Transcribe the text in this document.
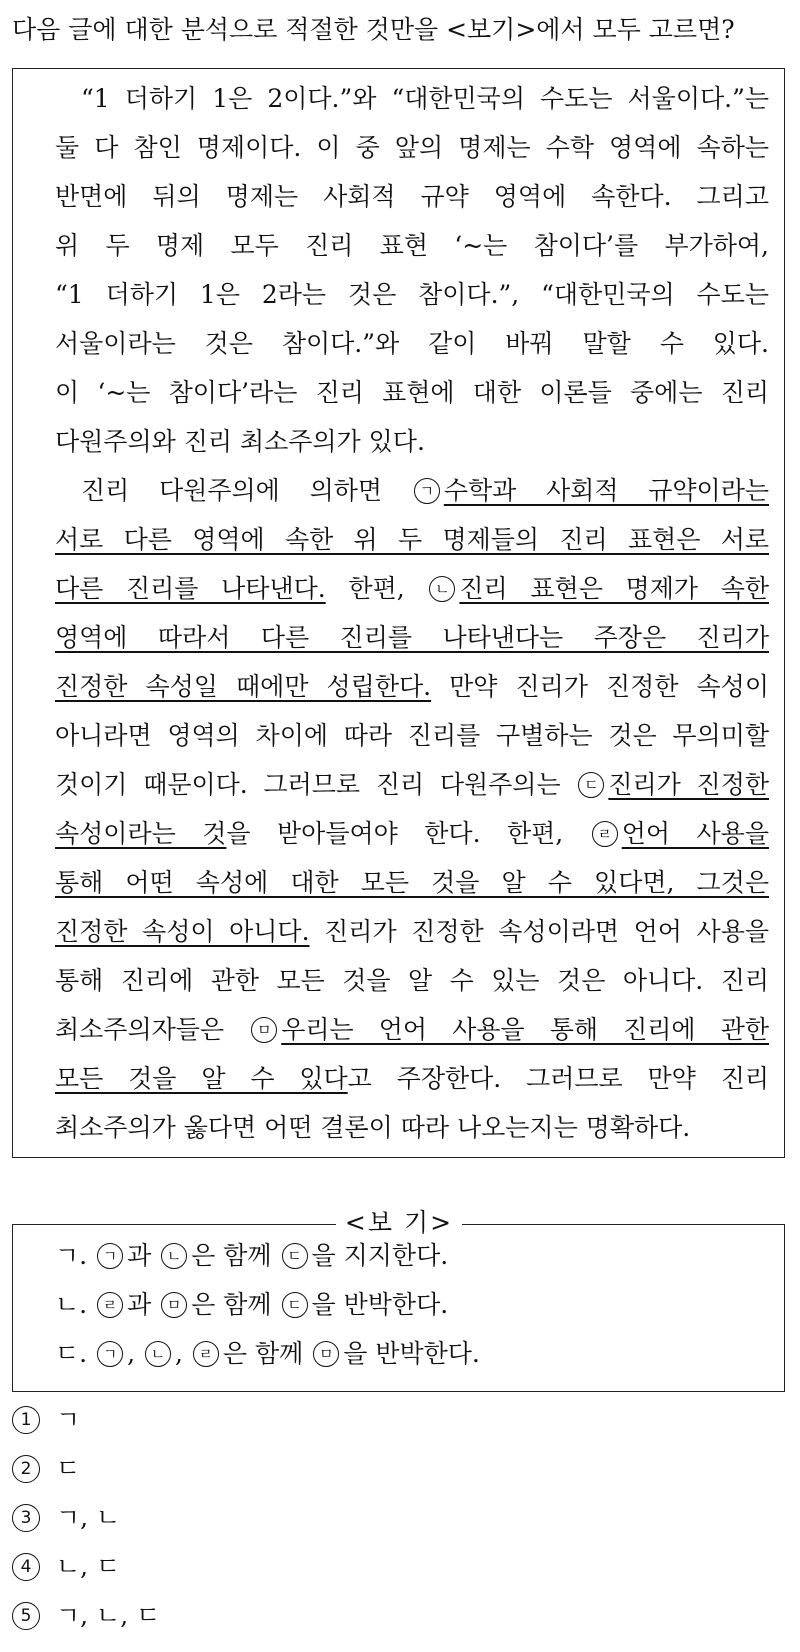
다음 글에 대한 분석으로 적절한 것만을 <보기>에서 모두 고르면?
“1 더하기 1은 2이다.”와 “대한민국의 수도는 서울이다.”는
둘 다 참인 명제이다. 이 중 앞의 명제는 수학 영역에 속하는
반면에 뒤의 명제는 사회적 규약 영역에 속한다. 그리고
위 두 명제 모두 진리 표현 ‘~는 참이다’를 부가하여,
“1 더하기 1은 2라는 것은 참이다.”, “대한민국의 수도는
서울이라는 것은 참이다.”와 같이 바꿔 말할 수 있다.
이 ‘~는 참이다’라는 진리 표현에 대한 이론들 중에는 진리
다원주의와 진리 최소주의가 있다.
진리 다원주의에 의하면	ㄱ 수학과 사회적 규약이라는
서로 다른 영역에 속한 위 두 명제들의 진리 표현은 서로
다른 진리를 나타낸다. 한편, ㄴ 진리 표현은 명제가 속한
영역에 따라서 다른 진리를 나타낸다는 주장은 진리가
진정한 속성일 때에만 성립한다. 만약 진리가 진정한 속성이
아니라면 영역의 차이에 따라 진리를 구별하는 것은 무의미할
것이기 때문이다. 그러므로 진리 다원주의는 ㄷ 진리가 진정한
속성이라는 것을 받아들여야 한다. 한편, ㄹ 언어 사용을
통해 어떤 속성에 대한 모든 것을 알 수 있다면, 그것은
진정한 속성이 아니다. 진리가 진정한 속성이라면 언어 사용을
통해 진리에 관한 모든 것을 알 수 있는 것은 아니다. 진리
최소주의자들은 ㅁ 우리는 언어 사용을 통해 진리에 관한
모든 것을 알 수 있다고 주장한다. 그러므로 만약 진리
최소주의가 옳다면 어떤 결론이 따라 나오는지는 명확하다.
<보 기>
ㄱ. ㄱ 과 ㄴ 은 함께 ㄷ 을 지지한다.
ㄴ. ㄹ 과 ㅁ 은 함께 ㄷ 을 반박한다.
ㄷ. ㄱ , ㄴ , ㄹ 은 함께 ㅁ 을 반박한다.
1 ㄱ
2 ㄷ
3 ㄱ, ㄴ
4 ㄴ, ㄷ
5 ㄱ, ㄴ, ㄷ
